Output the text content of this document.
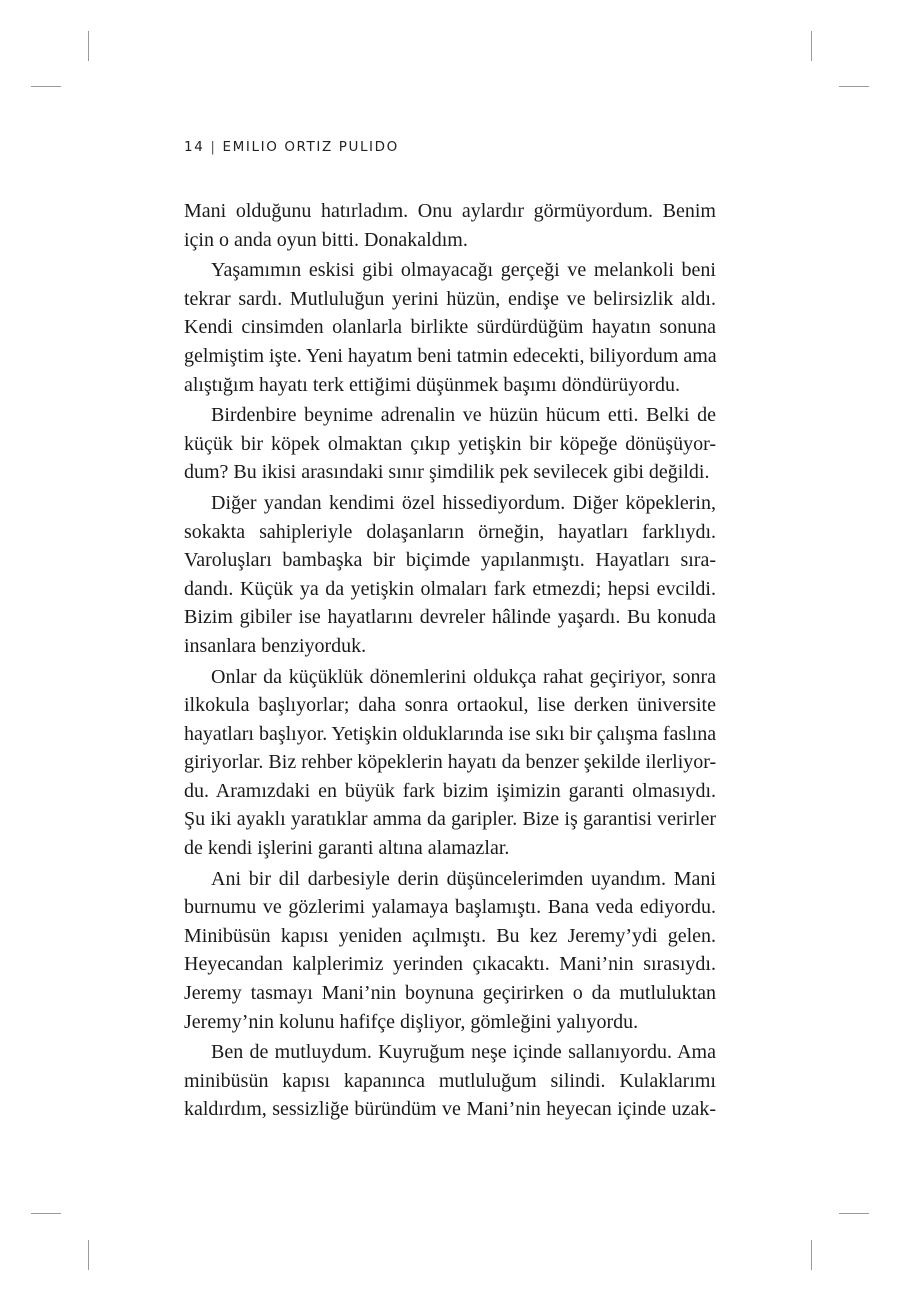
14 | EMILIO ORTIZ PULIDO
Mani olduğunu hatırladım. Onu aylardır görmüyordum. Benim
için o anda oyun bitti. Donakaldım.
Yaşamımın eskisi gibi olmayacağı gerçeği ve melankoli beni
tekrar sardı. Mutluluğun yerini hüzün, endişe ve belirsizlik aldı.
Kendi cinsimden olanlarla birlikte sürdürdüğüm hayatın sonuna
gelmiştim işte. Yeni hayatım beni tatmin edecekti, biliyordum ama
alıştığım hayatı terk ettiğimi düşünmek başımı döndürüyordu.
Birdenbire beynime adrenalin ve hüzün hücum etti. Belki de
küçük bir köpek olmaktan çıkıp yetişkin bir köpeğe dönüşüyor-
dum? Bu ikisi arasındaki sınır şimdilik pek sevilecek gibi değildi.
Diğer yandan kendimi özel hissediyordum. Diğer köpeklerin,
sokakta sahipleriyle dolaşanların örneğin, hayatları farklıydı.
Varoluşları bambaşka bir biçimde yapılanmıştı. Hayatları sıra-
dandı. Küçük ya da yetişkin olmaları fark etmezdi; hepsi evcildi.
Bizim gibiler ise hayatlarını devreler hâlinde yaşardı. Bu konuda
insanlara benziyorduk.
Onlar da küçüklük dönemlerini oldukça rahat geçiriyor, sonra
ilkokula başlıyorlar; daha sonra ortaokul, lise derken üniversite
hayatları başlıyor. Yetişkin olduklarında ise sıkı bir çalışma faslına
giriyorlar. Biz rehber köpeklerin hayatı da benzer şekilde ilerliyor-
du. Aramızdaki en büyük fark bizim işimizin garanti olmasıydı.
Şu iki ayaklı yaratıklar amma da garipler. Bize iş garantisi verirler
de kendi işlerini garanti altına alamazlar.
Ani bir dil darbesiyle derin düşüncelerimden uyandım. Mani
burnumu ve gözlerimi yalamaya başlamıştı. Bana veda ediyordu.
Minibüsün kapısı yeniden açılmıştı. Bu kez Jeremy’ydi gelen.
Heyecandan kalplerimiz yerinden çıkacaktı. Mani’nin sırasıydı.
Jeremy tasmayı Mani’nin boynuna geçirirken o da mutluluktan
Jeremy’nin kolunu hafifçe dişliyor, gömleğini yalıyordu.
Ben de mutluydum. Kuyruğum neşe içinde sallanıyordu. Ama
minibüsün kapısı kapanınca mutluluğum silindi. Kulaklarımı
kaldırdım, sessizliğe büründüm ve Mani’nin heyecan içinde uzak-
